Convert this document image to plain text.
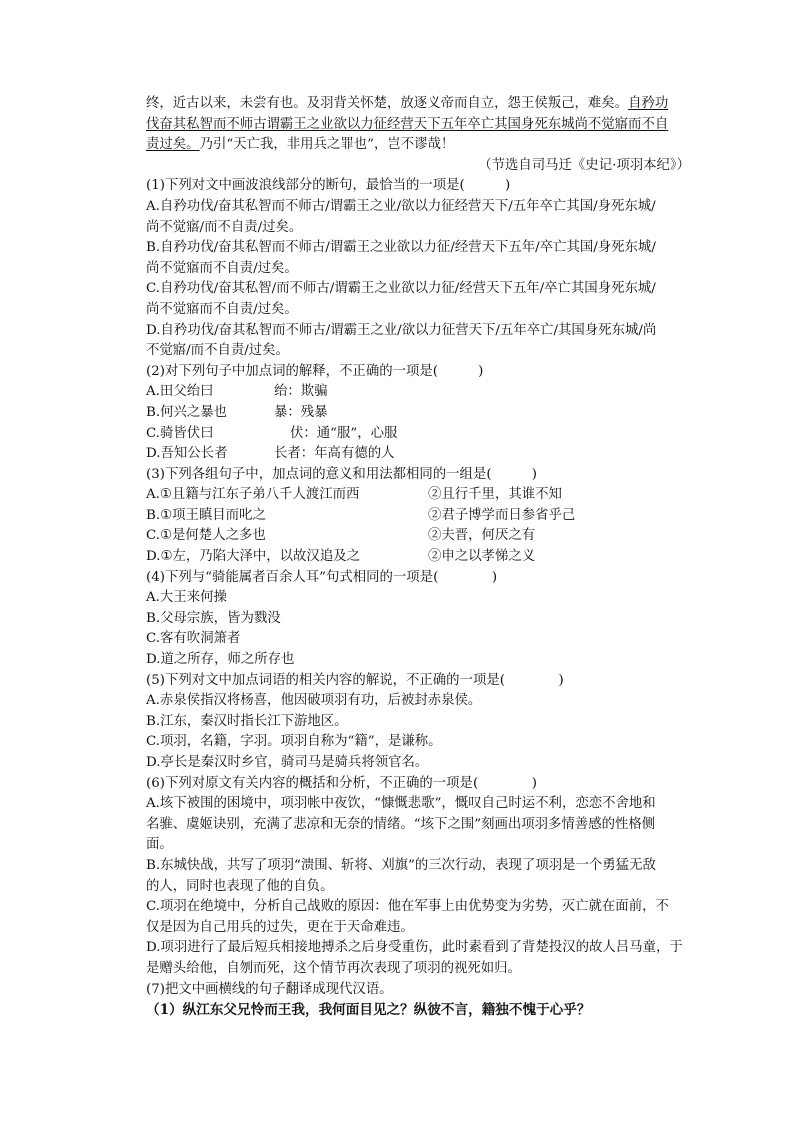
终，近古以来，未尝有也。及羽背关怀楚，放逐义帝而自立，怨王侯叛己，难矣。自矜功
伐奋其私智而不师古谓霸王之业欲以力征经营天下五年卒亡其国身死东城尚不觉寤而不自
责过矣。乃引“天亡我，非用兵之罪也”，岂不谬哉！
（节选自司马迁《史记·项羽本纪》）
(1)下列对文中画波浪线部分的断句，最恰当的一项是(　　　)
A.自矜功伐/奋其私智而不师古/谓霸王之业/欲以力征经营天下/五年卒亡其国/身死东城/
尚不觉寤/而不自责/过矣。
B.自矜功伐/奋其私智而不师古/谓霸王之业欲以力征/经营天下五年/卒亡其国/身死东城/
尚不觉寤而不自责/过矣。
C.自矜功伐/奋其私智/而不师古/谓霸王之业欲以力征/经营天下五年/卒亡其国身死东城/
尚不觉寤而不自责/过矣。
D.自矜功伐/奋其私智而不师古/谓霸王之业/欲以力征营天下/五年卒亡/其国身死东城/尚
不觉寤/而不自责/过矣。
(2)对下列句子中加点词的解释，不正确的一项是(　　　)
A.田父绐曰	绐：欺骗
B.何兴之暴也	暴：残暴
C.骑皆伏曰	伏：通“服”，心服
D.吾知公长者	长者：年高有德的人
(3)下列各组句子中，加点词的意义和用法都相同的一组是(　　　)
A.①且籍与江东子弟八千人渡江而西	②且行千里，其谁不知
B.①项王瞋目而叱之	②君子博学而日参省乎己
C.①是何楚人之多也	②夫晋，何厌之有
D.①左，乃陷大泽中，以故汉追及之	②申之以孝悌之义
(4)下列与“骑能属者百余人耳”句式相同的一项是(　　　　)
A.大王来何操
B.父母宗族，皆为戮没
C.客有吹洞箫者
D.道之所存，师之所存也
(5)下列对文中加点词语的相关内容的解说，不正确的一项是(　　　　)
A.赤泉侯指汉将杨喜，他因破项羽有功，后被封赤泉侯。
B.江东，秦汉时指长江下游地区。
C.项羽，名籍，字羽。项羽自称为“籍”，是谦称。
D.亭长是秦汉时乡官，骑司马是骑兵将领官名。
(6)下列对原文有关内容的概括和分析，不正确的一项是(　　　　)
A.垓下被围的困境中，项羽帐中夜饮，“慷慨悲歌”，慨叹自己时运不利，恋恋不舍地和
名骓、虞姬诀别，充满了悲凉和无奈的情绪。“垓下之围”刻画出项羽多情善感的性格侧
面。
B.东城快战，共写了项羽“溃围、斩将、刈旗”的三次行动，表现了项羽是一个勇猛无敌
的人，同时也表现了他的自负。
C.项羽在绝境中，分析自己战败的原因：他在军事上由优势变为劣势，灭亡就在面前，不
仅是因为自己用兵的过失，更在于天命难违。
D.项羽进行了最后短兵相接地搏杀之后身受重伤，此时素看到了背楚投汉的故人吕马童，于
是赠头给他，自刎而死，这个情节再次表现了项羽的视死如归。
(7)把文中画横线的句子翻译成现代汉语。
（1）纵江东父兄怜而王我，我何面目见之？纵彼不言，籍独不愧于心乎？
